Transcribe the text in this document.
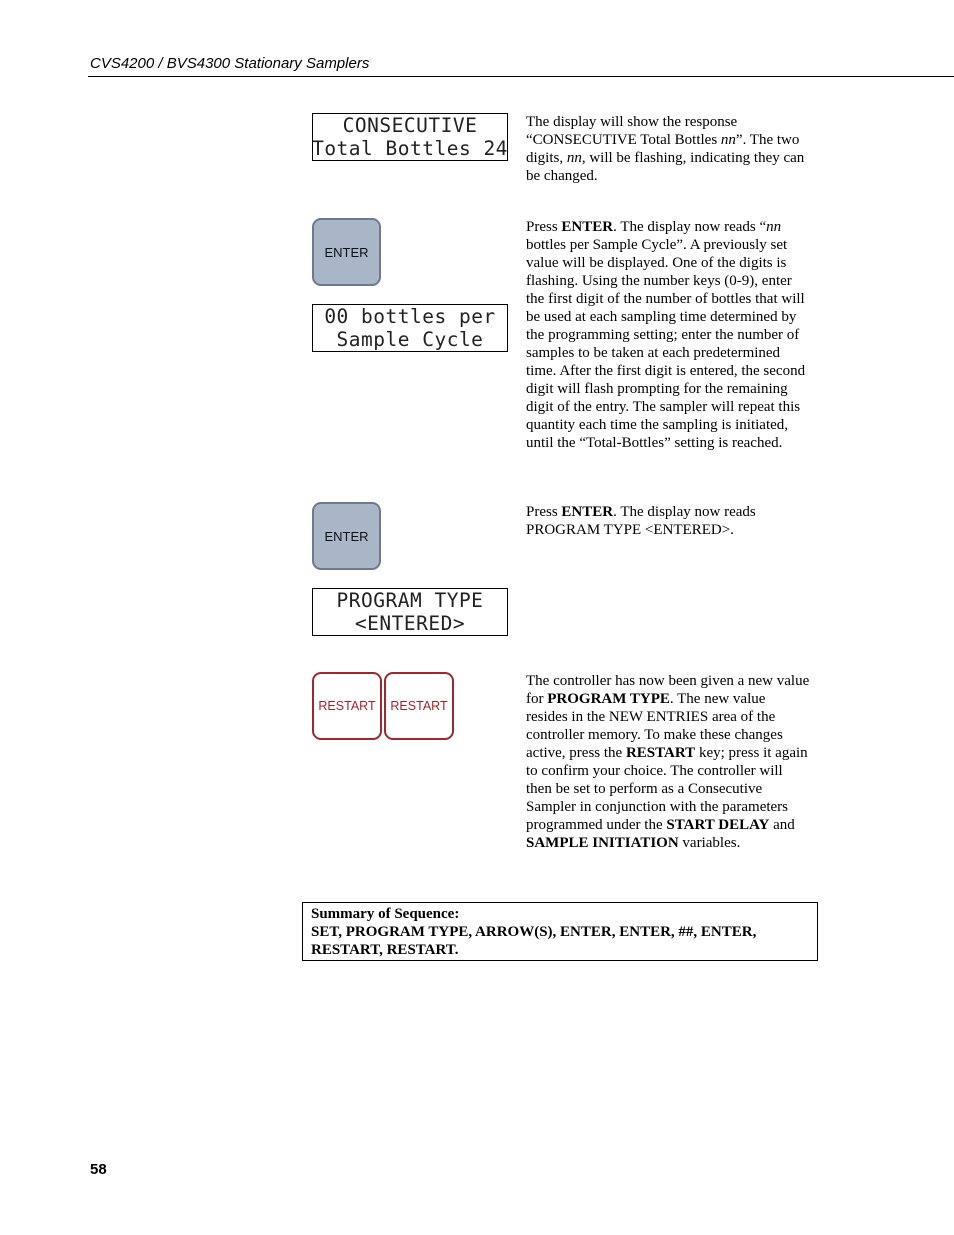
CVS4200 / BVS4300 Stationary Samplers
CONSECUTIVE
Total Bottles 24
The display will show the response “CONSECUTIVE Total Bottles nn”. The two digits, nn, will be flashing, indicating they can be changed.
ENTER
00 bottles per
Sample Cycle
Press ENTER. The display now reads “nn bottles per Sample Cycle”. A previously set value will be displayed. One of the digits is flashing. Using the number keys (0-9), enter the first digit of the number of bottles that will be used at each sampling time determined by the programming setting; enter the number of samples to be taken at each predetermined time. After the first digit is entered, the second digit will flash prompting for the remaining digit of the entry. The sampler will repeat this quantity each time the sampling is initiated, until the “Total-Bottles” setting is reached.
ENTER
PROGRAM TYPE
<ENTERED>
Press ENTER. The display now reads PROGRAM TYPE <ENTERED>.
RESTART RESTART
The controller has now been given a new value for PROGRAM TYPE. The new value resides in the NEW ENTRIES area of the controller memory. To make these changes active, press the RESTART key; press it again to confirm your choice. The controller will then be set to perform as a Consecutive Sampler in conjunction with the parameters programmed under the START DELAY and SAMPLE INITIATION variables.
Summary of Sequence:
SET, PROGRAM TYPE, ARROW(S), ENTER, ENTER, ##, ENTER, RESTART, RESTART.
58
